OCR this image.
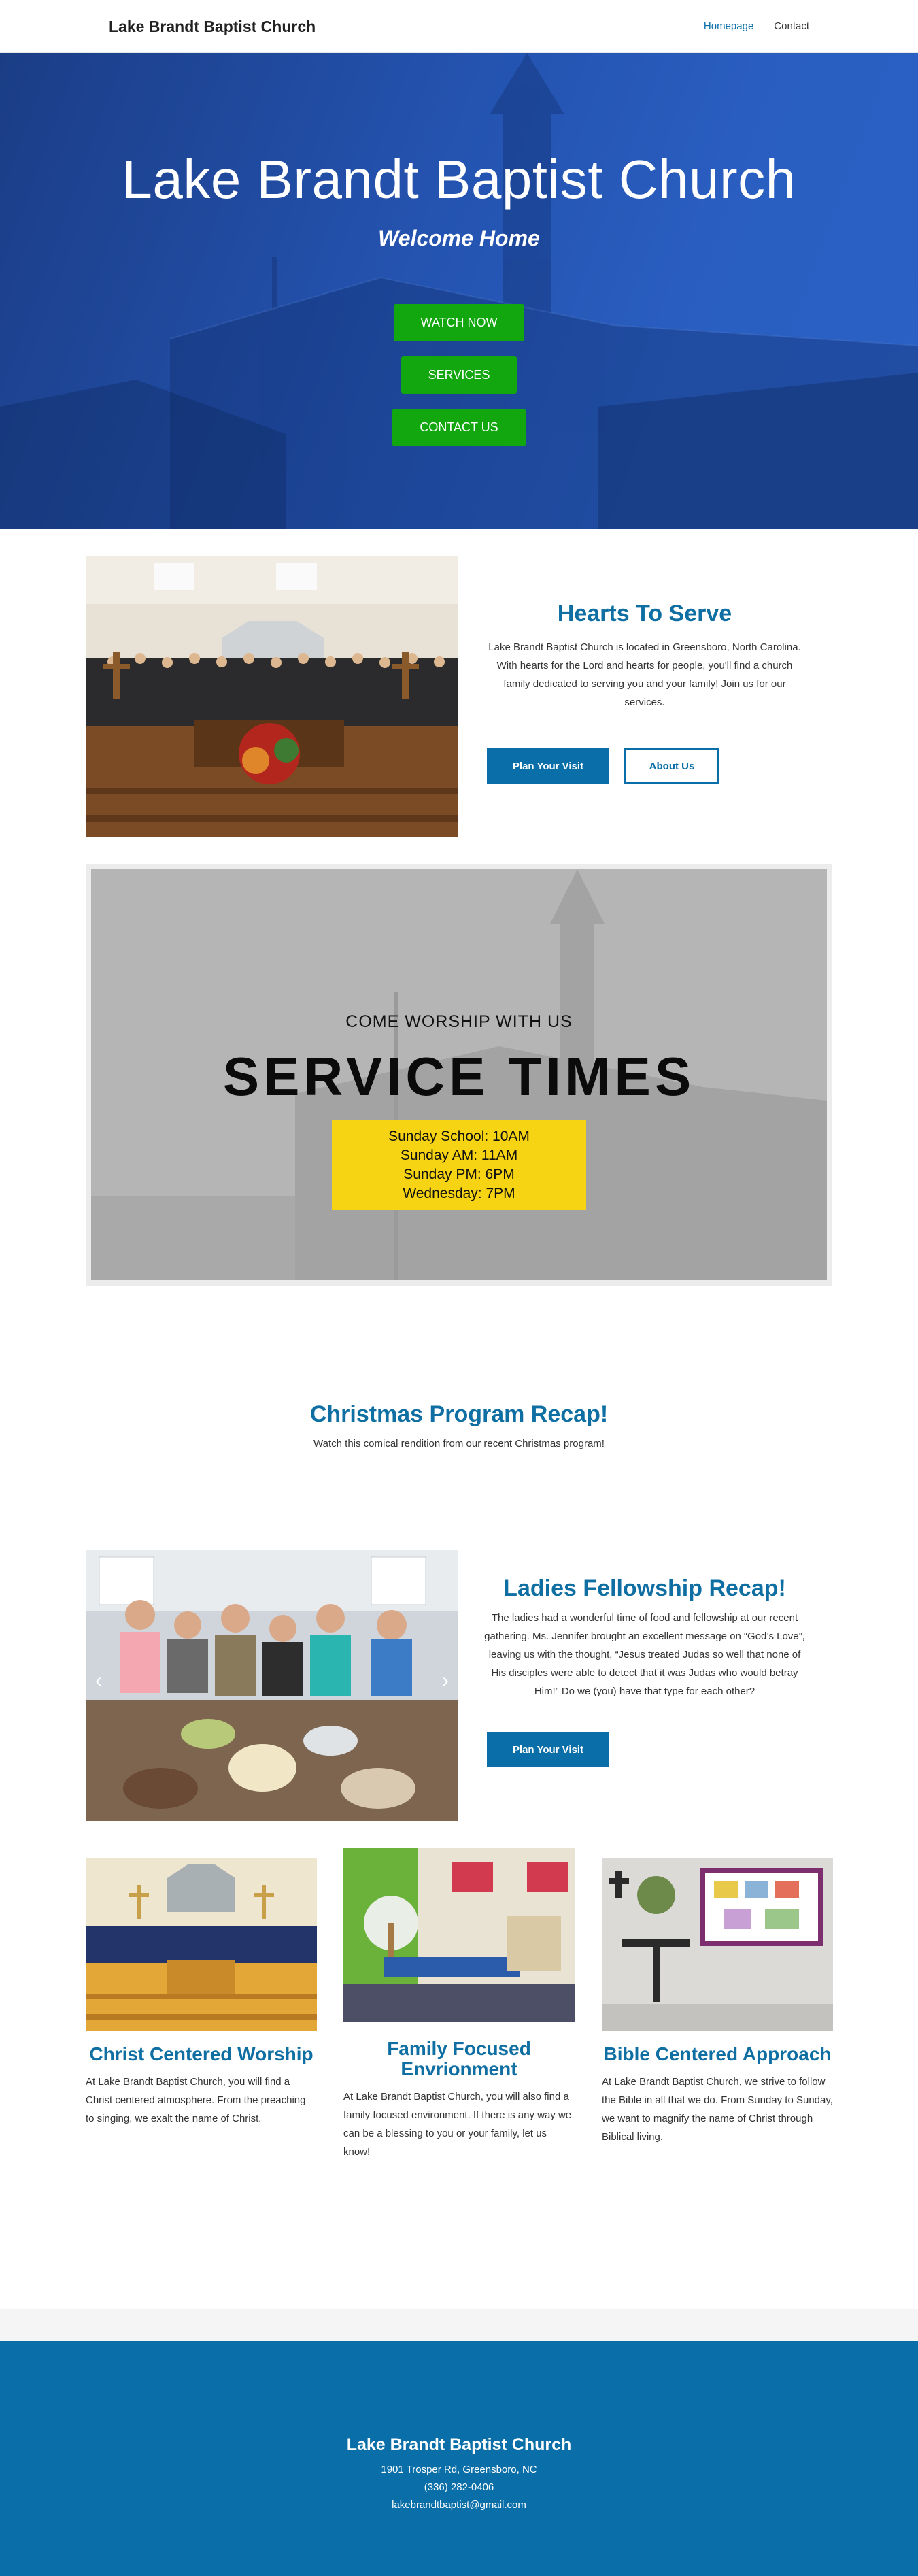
Lake Brandt Baptist Church	Homepage Contact
Lake Brandt Baptist Church
Welcome Home
WATCH NOW
SERVICES
CONTACT US
Hearts To Serve

Lake Brandt Baptist Church is located in Greensboro, North Carolina. With hearts for the Lord and hearts for people, you'll find a church family dedicated to serving you and your family! Join us for our services.

Plan Your Visit	About Us
COME WORSHIP WITH US
SERVICE TIMES
Sunday School: 10AM
Sunday AM: 11AM
Sunday PM: 6PM
Wednesday: 7PM
Christmas Program Recap!

Watch this comical rendition from our recent Christmas program!

‹	›
Ladies Fellowship Recap!

The ladies had a wonderful time of food and fellowship at our recent gathering. Ms. Jennifer brought an excellent message on “God’s Love”, leaving us with the thought, “Jesus treated Judas so well that none of His disciples were able to detect that it was Judas who would betray Him!” Do we (you) have that type for each other?

Plan Your Visit
Christ Centered Worship

At Lake Brandt Baptist Church, you will find a Christ centered atmosphere. From the preaching to singing, we exalt the name of Christ.

Family Focused Envrionment

At Lake Brandt Baptist Church, you will also find a family focused environment. If there is any way we can be a blessing to you or your family, let us know!

Bible Centered Approach

At Lake Brandt Baptist Church, we strive to follow the Bible in all that we do. From Sunday to Sunday, we want to magnify the name of Christ through Biblical living.

Lake Brandt Baptist Church
1901 Trosper Rd, Greensboro, NC
(336) 282-0406
lakebrandtbaptist@gmail.com
